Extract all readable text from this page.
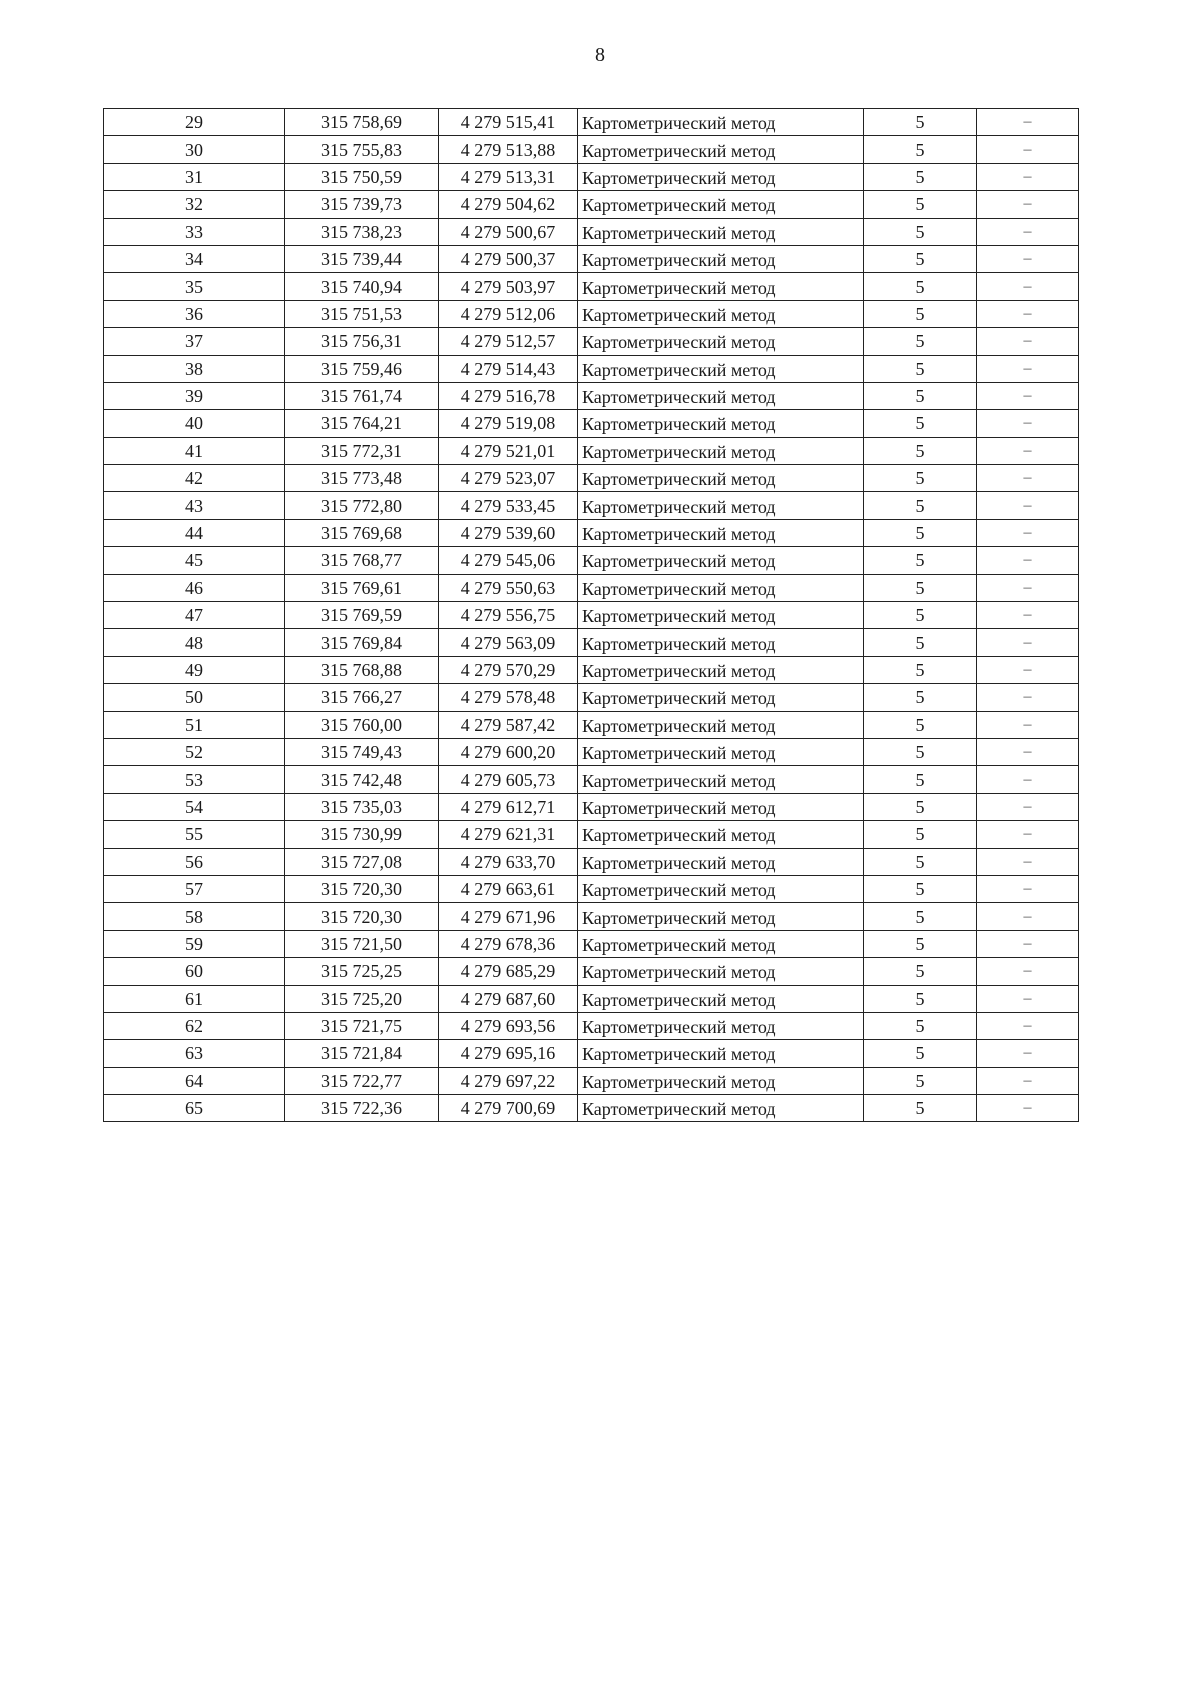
8
29	315 758,69	4 279 515,41	Картометрический метод	5	–
30	315 755,83	4 279 513,88	Картометрический метод	5	–
31	315 750,59	4 279 513,31	Картометрический метод	5	–
32	315 739,73	4 279 504,62	Картометрический метод	5	–
33	315 738,23	4 279 500,67	Картометрический метод	5	–
34	315 739,44	4 279 500,37	Картометрический метод	5	–
35	315 740,94	4 279 503,97	Картометрический метод	5	–
36	315 751,53	4 279 512,06	Картометрический метод	5	–
37	315 756,31	4 279 512,57	Картометрический метод	5	–
38	315 759,46	4 279 514,43	Картометрический метод	5	–
39	315 761,74	4 279 516,78	Картометрический метод	5	–
40	315 764,21	4 279 519,08	Картометрический метод	5	–
41	315 772,31	4 279 521,01	Картометрический метод	5	–
42	315 773,48	4 279 523,07	Картометрический метод	5	–
43	315 772,80	4 279 533,45	Картометрический метод	5	–
44	315 769,68	4 279 539,60	Картометрический метод	5	–
45	315 768,77	4 279 545,06	Картометрический метод	5	–
46	315 769,61	4 279 550,63	Картометрический метод	5	–
47	315 769,59	4 279 556,75	Картометрический метод	5	–
48	315 769,84	4 279 563,09	Картометрический метод	5	–
49	315 768,88	4 279 570,29	Картометрический метод	5	–
50	315 766,27	4 279 578,48	Картометрический метод	5	–
51	315 760,00	4 279 587,42	Картометрический метод	5	–
52	315 749,43	4 279 600,20	Картометрический метод	5	–
53	315 742,48	4 279 605,73	Картометрический метод	5	–
54	315 735,03	4 279 612,71	Картометрический метод	5	–
55	315 730,99	4 279 621,31	Картометрический метод	5	–
56	315 727,08	4 279 633,70	Картометрический метод	5	–
57	315 720,30	4 279 663,61	Картометрический метод	5	–
58	315 720,30	4 279 671,96	Картометрический метод	5	–
59	315 721,50	4 279 678,36	Картометрический метод	5	–
60	315 725,25	4 279 685,29	Картометрический метод	5	–
61	315 725,20	4 279 687,60	Картометрический метод	5	–
62	315 721,75	4 279 693,56	Картометрический метод	5	–
63	315 721,84	4 279 695,16	Картометрический метод	5	–
64	315 722,77	4 279 697,22	Картометрический метод	5	–
65	315 722,36	4 279 700,69	Картометрический метод	5	–
